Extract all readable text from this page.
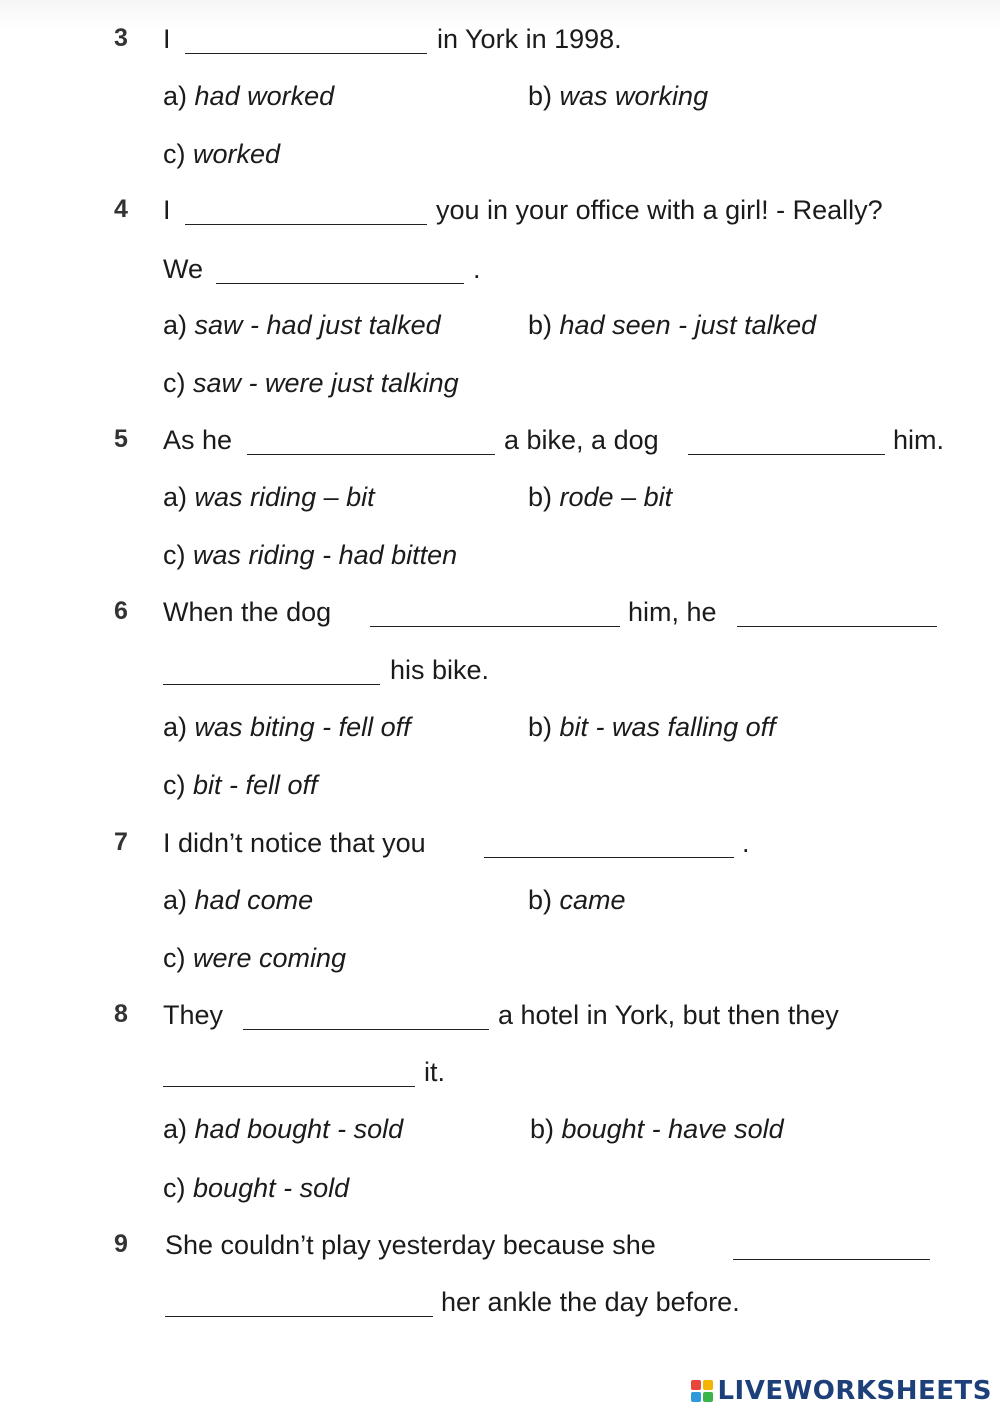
3 I	in York in 1998.
a) had worked	b) was working
c) worked
4 I	you in your office with a girl! - Really?
We	.
a) saw - had just talked	b) had seen - just talked
c) saw - were just talking
5 As he	a bike, a dog	him.
a) was riding – bit	b) rode – bit
c) was riding - had bitten
6 When the dog	him, he
his bike.
a) was biting - fell off	b) bit - was falling off
c) bit - fell off
7 I didn’t notice that you	.
a) had come	b) came
c) were coming
8 They	a hotel in York, but then they
it.
a) had bought - sold	b) bought - have sold
c) bought - sold
9 She couldn’t play yesterday because she
her ankle the day before.
LIVEWORKSHEETS
